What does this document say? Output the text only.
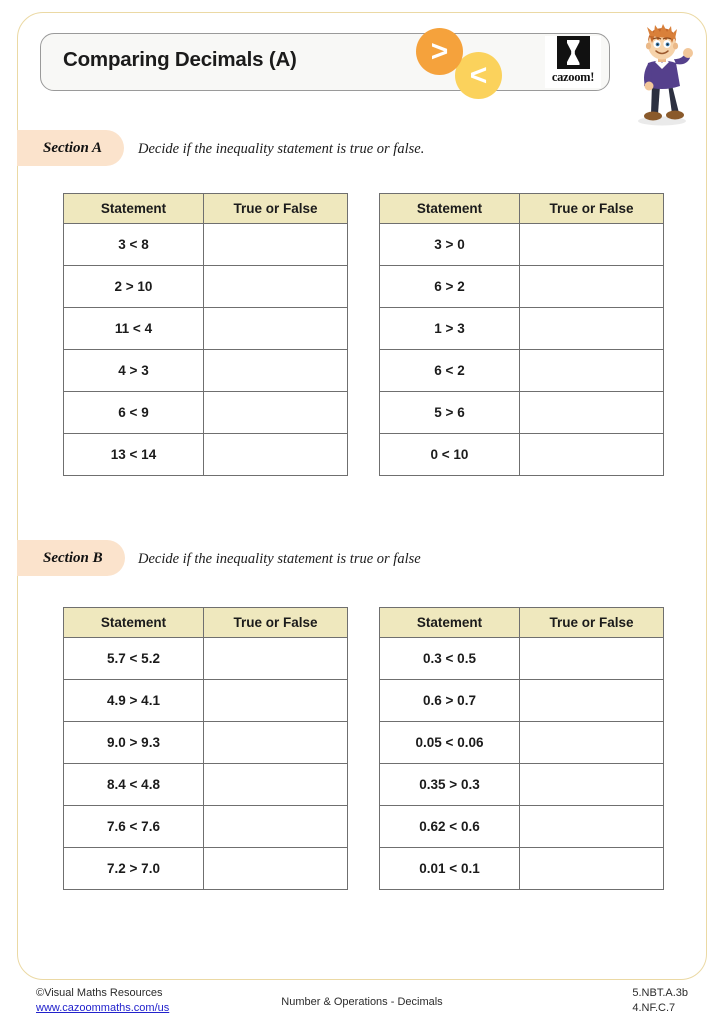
Comparing Decimals (A)	>
<	cazoom!
Section A	Decide if the inequality statement is true or false.
Statement	True or False
3 < 8	
2 > 10	
11 < 4	
4 > 3	
6 < 9	
13 < 14	
Statement	True or False
3 > 0	
6 > 2	
1 > 3	
6 < 2	
5 > 6	
0 < 10	
Section B	Decide if the inequality statement is true or false
Statement	True or False
5.7 < 5.2	
4.9 > 4.1	
9.0 > 9.3	
8.4 < 4.8	
7.6 < 7.6	
7.2 > 7.0	
Statement	True or False
0.3 < 0.5	
0.6 > 0.7	
0.05 < 0.06	
0.35 > 0.3	
0.62 < 0.6	
0.01 < 0.1	
©Visual Maths Resources
www.cazoommaths.com/us	Number & Operations - Decimals
5.NBT.A.3b
4.NF.C.7
